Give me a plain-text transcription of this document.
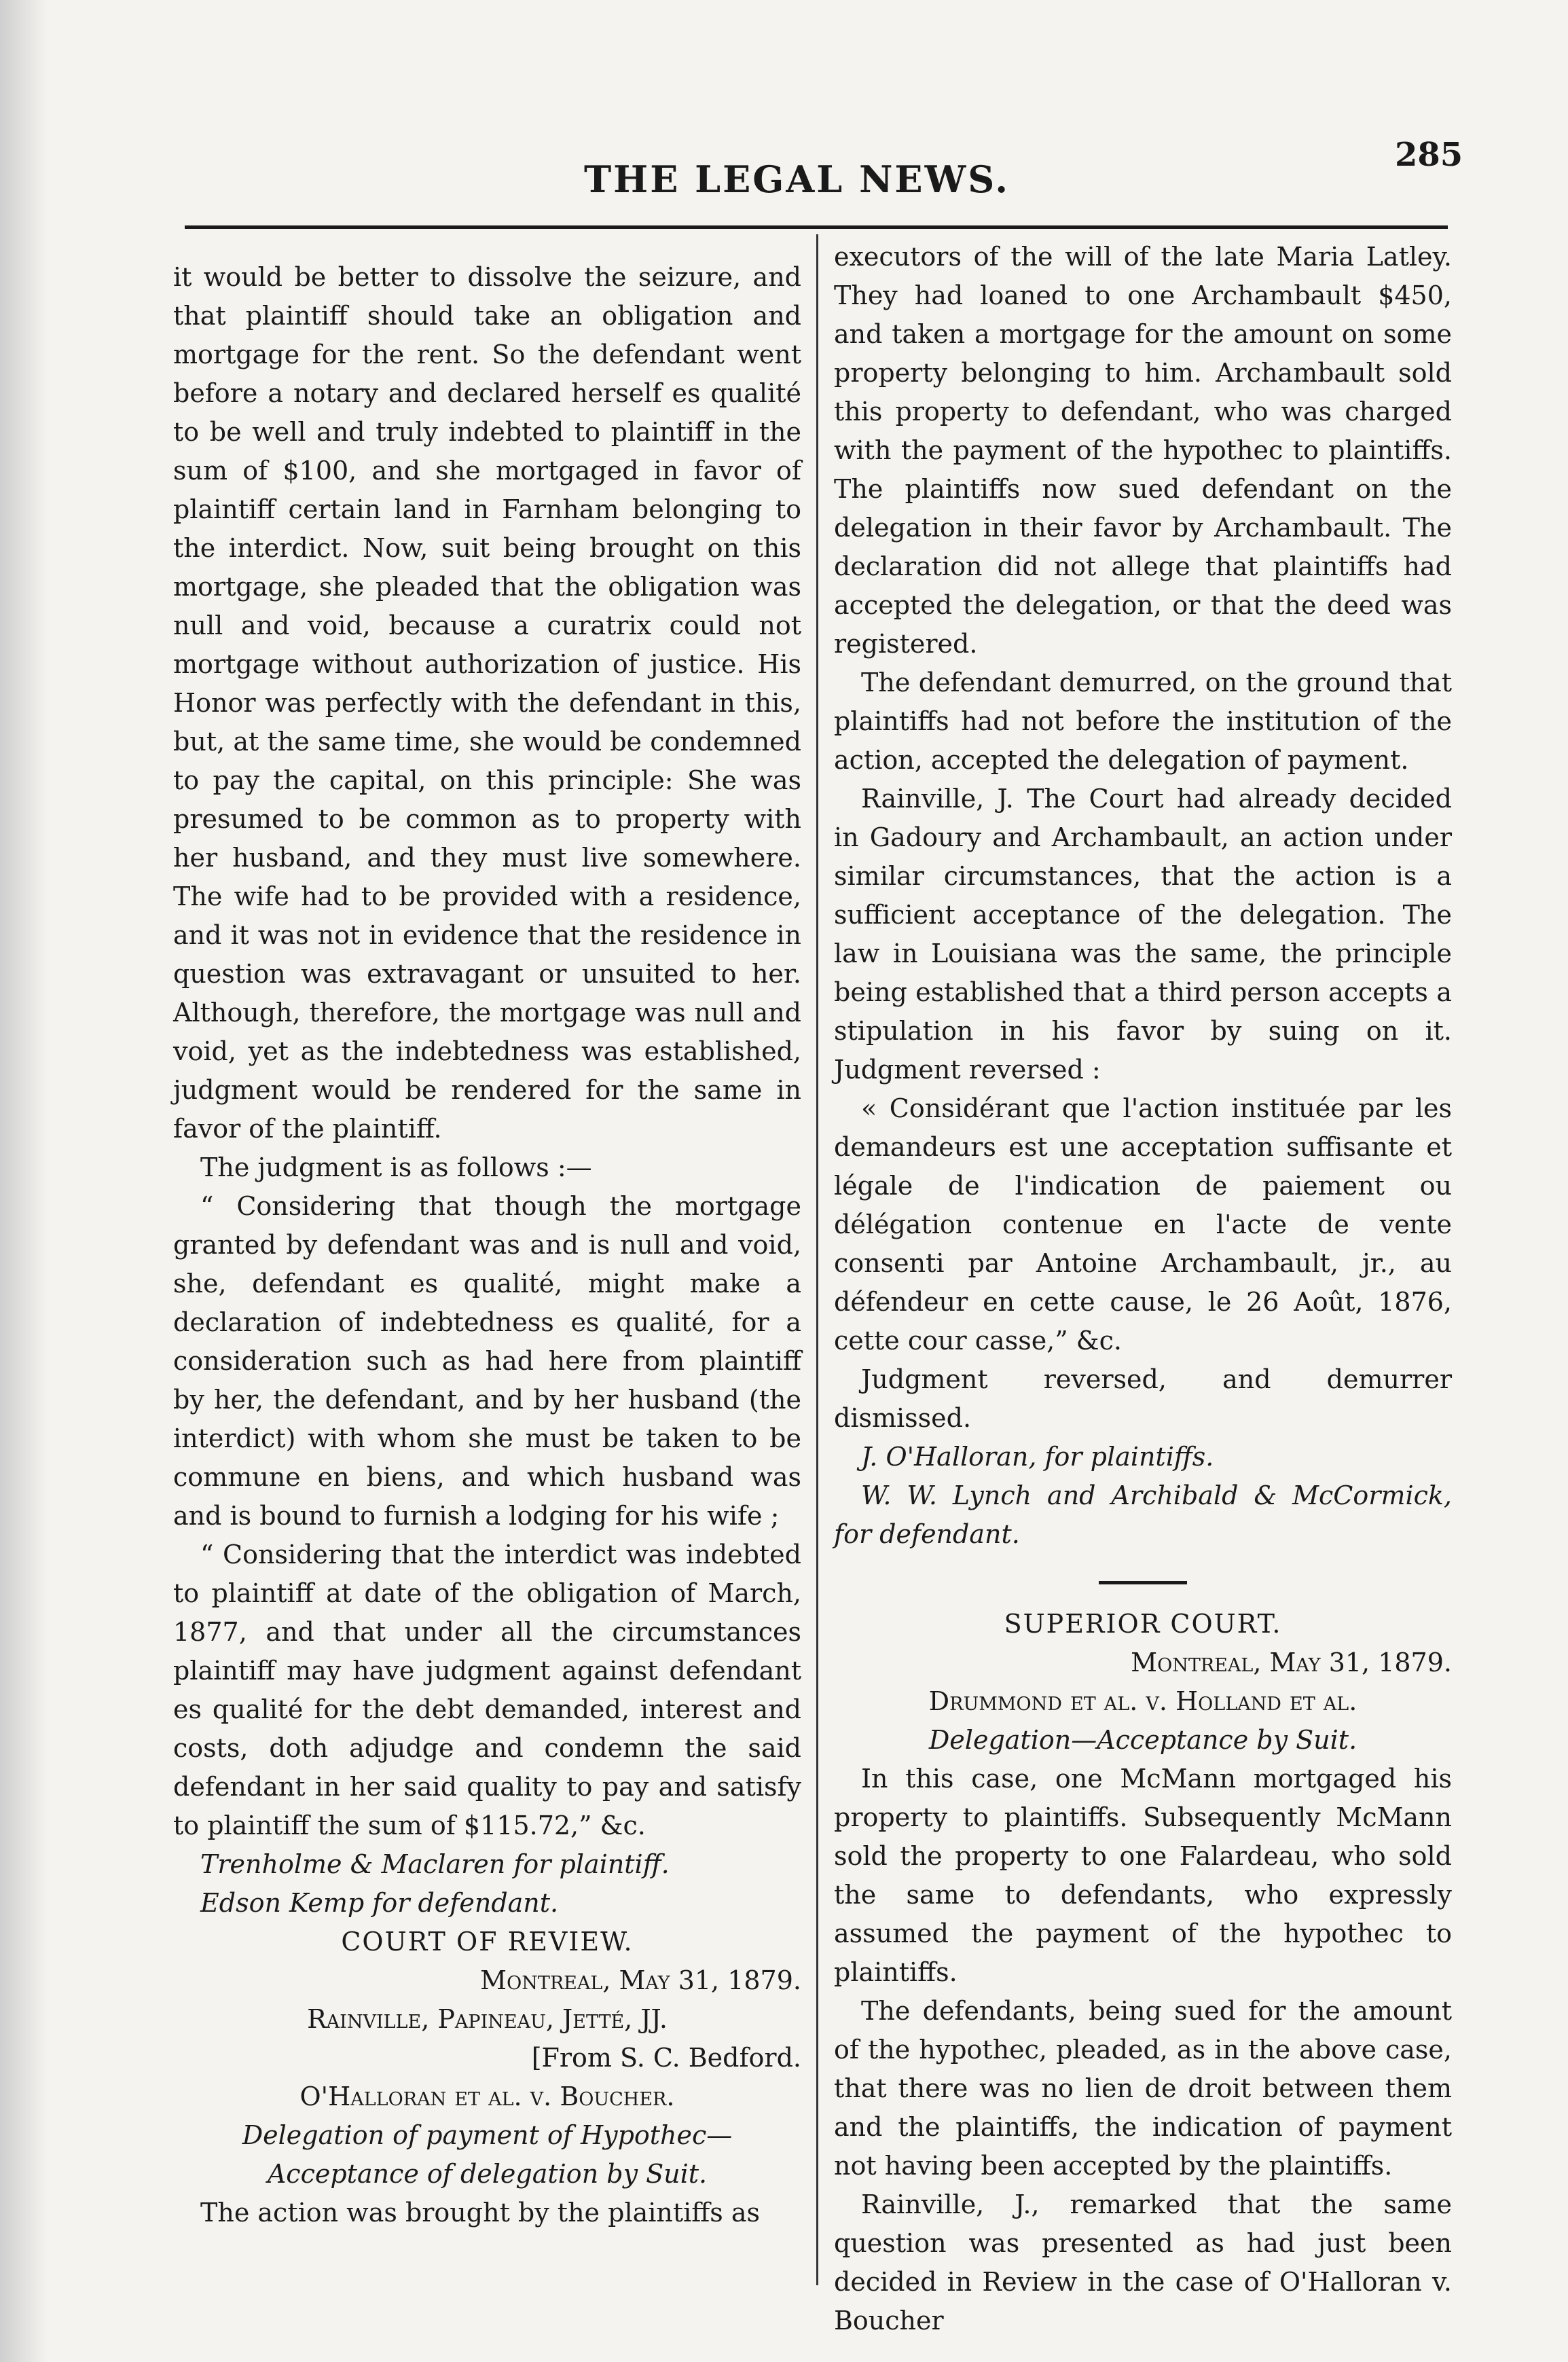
THE LEGAL NEWS.
285

it would be better to dissolve the seizure, and that plaintiff should take an obligation and mortgage for the rent. So the defendant went before a notary and declared herself es qualité to be well and truly indebted to plaintiff in the sum of $100, and she mortgaged in favor of plaintiff certain land in Farnham belonging to the interdict. Now, suit being brought on this mortgage, she pleaded that the obligation was null and void, because a curatrix could not mortgage without authorization of justice. His Honor was perfectly with the defendant in this, but, at the same time, she would be condemned to pay the capital, on this principle: She was presumed to be common as to property with her husband, and they must live somewhere. The wife had to be provided with a residence, and it was not in evidence that the residence in question was extravagant or unsuited to her. Although, therefore, the mortgage was null and void, yet as the indebtedness was established, judgment would be rendered for the same in favor of the plaintiff.

The judgment is as follows :—

“ Considering that though the mortgage granted by defendant was and is null and void, she, defendant es qualité, might make a declaration of indebtedness es qualité, for a consideration such as had here from plaintiff by her, the defendant, and by her husband (the interdict) with whom she must be taken to be commune en biens, and which husband was and is bound to furnish a lodging for his wife ;

“ Considering that the interdict was indebted to plaintiff at date of the obligation of March, 1877, and that under all the circumstances plaintiff may have judgment against defendant es qualité for the debt demanded, interest and costs, doth adjudge and condemn the said defendant in her said quality to pay and satisfy to plaintiff the sum of $115.72,” &c.

Trenholme & Maclaren for plaintiff.

Edson Kemp for defendant.

COURT OF REVIEW.

Montreal, May 31, 1879.

Rainville, Papineau, Jetté, JJ.

[From S. C. Bedford.

O'Halloran et al. v. Boucher.

Delegation of payment of Hypothec—Acceptance of delegation by Suit.

The action was brought by the plaintiffs as

executors of the will of the late Maria Latley. They had loaned to one Archambault $450, and taken a mortgage for the amount on some property belonging to him. Archambault sold this property to defendant, who was charged with the payment of the hypothec to plaintiffs. The plaintiffs now sued defendant on the delegation in their favor by Archambault. The declaration did not allege that plaintiffs had accepted the delegation, or that the deed was registered.

The defendant demurred, on the ground that plaintiffs had not before the institution of the action, accepted the delegation of payment.

Rainville, J. The Court had already decided in Gadoury and Archambault, an action under similar circumstances, that the action is a sufficient acceptance of the delegation. The law in Louisiana was the same, the principle being established that a third person accepts a stipulation in his favor by suing on it. Judgment reversed :

« Considérant que l'action instituée par les demandeurs est une acceptation suffisante et légale de l'indication de paiement ou délégation contenue en l'acte de vente consenti par Antoine Archambault, jr., au défendeur en cette cause, le 26 Août, 1876, cette cour casse,” &c.

Judgment reversed, and demurrer dismissed.

J. O'Halloran, for plaintiffs.

W. W. Lynch and Archibald & McCormick, for defendant.

SUPERIOR COURT.

Montreal, May 31, 1879.

Drummond et al. v. Holland et al.

Delegation—Acceptance by Suit.

In this case, one McMann mortgaged his property to plaintiffs. Subsequently McMann sold the property to one Falardeau, who sold the same to defendants, who expressly assumed the payment of the hypothec to plaintiffs.

The defendants, being sued for the amount of the hypothec, pleaded, as in the above case, that there was no lien de droit between them and the plaintiffs, the indication of payment not having been accepted by the plaintiffs.

Rainville, J., remarked that the same question was presented as had just been decided in Review in the case of O'Halloran v. Boucher
